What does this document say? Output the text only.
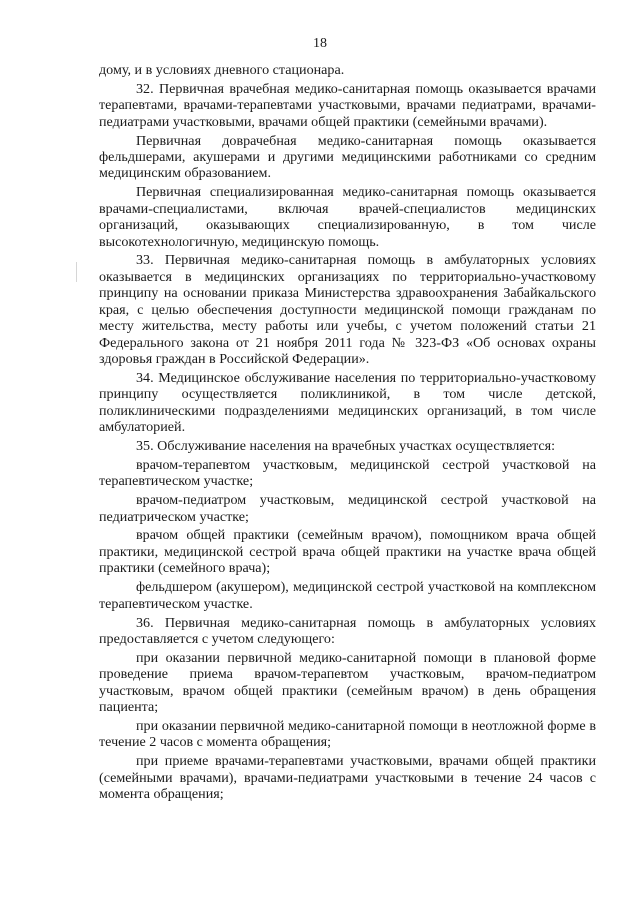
18

дому, и в условиях дневного стационара.

32. Первичная врачебная медико-санитарная помощь оказывается врачами терапевтами, врачами-терапевтами участковыми, врачами педиатрами, врачами-педиатрами участковыми, врачами общей практики (семейными врачами).

Первичная доврачебная медико-санитарная помощь оказывается фельдшерами, акушерами и другими медицинскими работниками со средним медицинским образованием.

Первичная специализированная медико-санитарная помощь оказывается врачами-специалистами, включая врачей-специалистов медицинских организаций, оказывающих специализированную, в том числе высокотехнологичную, медицинскую помощь.

33. Первичная медико-санитарная помощь в амбулаторных условиях оказывается в медицинских организациях по территориально-участковому принципу на основании приказа Министерства здравоохранения Забайкальского края, с целью обеспечения доступности медицинской помощи гражданам по месту жительства, месту работы или учебы, с учетом положений статьи 21 Федерального закона от 21 ноября 2011 года № 323-ФЗ «Об основах охраны здоровья граждан в Российской Федерации».

34. Медицинское обслуживание населения по территориально-участковому принципу осуществляется поликлиникой, в том числе детской, поликлиническими подразделениями медицинских организаций, в том числе амбулаторией.

35. Обслуживание населения на врачебных участках осуществляется:

врачом-терапевтом участковым, медицинской сестрой участковой на терапевтическом участке;

врачом-педиатром участковым, медицинской сестрой участковой на педиатрическом участке;

врачом общей практики (семейным врачом), помощником врача общей практики, медицинской сестрой врача общей практики на участке врача общей практики (семейного врача);

фельдшером (акушером), медицинской сестрой участковой на комплексном терапевтическом участке.

36. Первичная медико-санитарная помощь в амбулаторных условиях предоставляется с учетом следующего:

при оказании первичной медико-санитарной помощи в плановой форме проведение приема врачом-терапевтом участковым, врачом-педиатром участковым, врачом общей практики (семейным врачом) в день обращения пациента;

при оказании первичной медико-санитарной помощи в неотложной форме в течение 2 часов с момента обращения;

при приеме врачами-терапевтами участковыми, врачами общей практики (семейными врачами), врачами-педиатрами участковыми в течение 24 часов с момента обращения;
